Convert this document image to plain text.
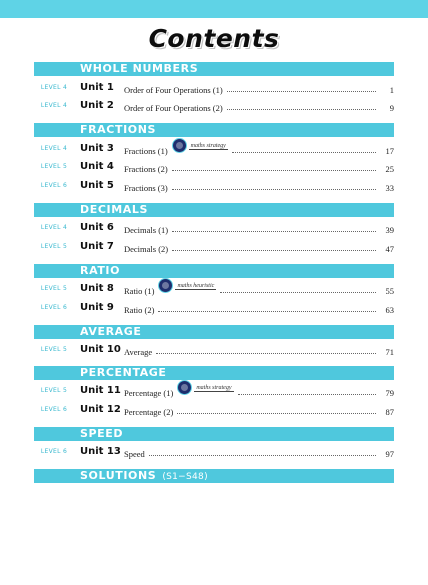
Contents
WHOLE NUMBERS
LEVEL 4	Unit 1 Order of Four Operations (1)	1
LEVEL 4	Unit 2 Order of Four Operations (2)	9
FRACTIONS
LEVEL 4	Unit 3 Fractions (1)	maths strategy	17
LEVEL 5	Unit 4 Fractions (2)	25
LEVEL 6	Unit 5 Fractions (3)	33
DECIMALS
LEVEL 4	Unit 6 Decimals (1)	39
LEVEL 5	Unit 7 Decimals (2)	47
RATIO
LEVEL 5	Unit 8 Ratio (1)	maths heuristic	55
LEVEL 6	Unit 9 Ratio (2)	63
AVERAGE
LEVEL 5	Unit 10 Average	71
PERCENTAGE
LEVEL 5	Unit 11 Percentage (1)	maths strategy	79
LEVEL 6	Unit 12 Percentage (2)	87
SPEED
LEVEL 6	Unit 13 Speed	97
SOLUTIONS (S1−S48)
